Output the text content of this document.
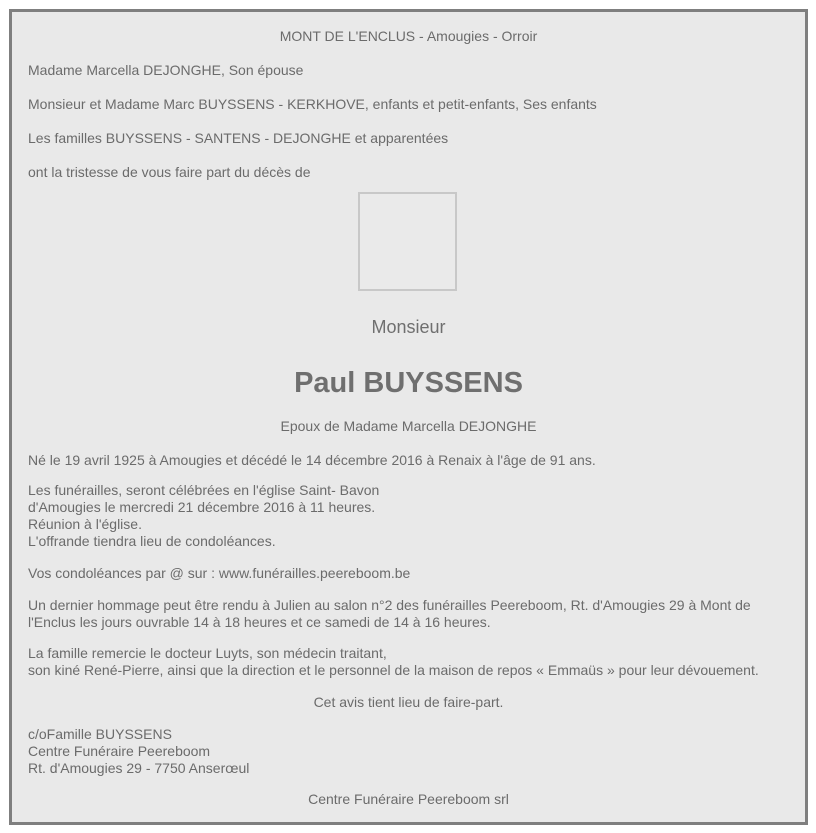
MONT DE L'ENCLUS - Amougies - Orroir
Madame Marcella DEJONGHE, Son épouse
Monsieur et Madame Marc BUYSSENS - KERKHOVE, enfants et petit-enfants, Ses enfants
Les familles BUYSSENS - SANTENS - DEJONGHE et apparentées
ont la tristesse de vous faire part du décès de
Monsieur
Paul BUYSSENS
Epoux de Madame Marcella DEJONGHE
Né le 19 avril 1925 à Amougies et décédé le 14 décembre 2016 à Renaix à l'âge de 91 ans.
Les funérailles, seront célébrées en l'église Saint- Bavon
d'Amougies le mercredi 21 décembre 2016 à 11 heures.
Réunion à l'église.
L'offrande tiendra lieu de condoléances.
Vos condoléances par @ sur : www.funérailles.peereboom.be
Un dernier hommage peut être rendu à Julien au salon n°2 des funérailles Peereboom, Rt. d'Amougies 29 à Mont de
l'Enclus les jours ouvrable 14 à 18 heures et ce samedi de 14 à 16 heures.
La famille remercie le docteur Luyts, son médecin traitant,
son kiné René-Pierre, ainsi que la direction et le personnel de la maison de repos « Emmaüs » pour leur dévouement.
Cet avis tient lieu de faire-part.
c/oFamille BUYSSENS
Centre Funéraire Peereboom
Rt. d'Amougies 29 - 7750 Anserœul
Centre Funéraire Peereboom srl
